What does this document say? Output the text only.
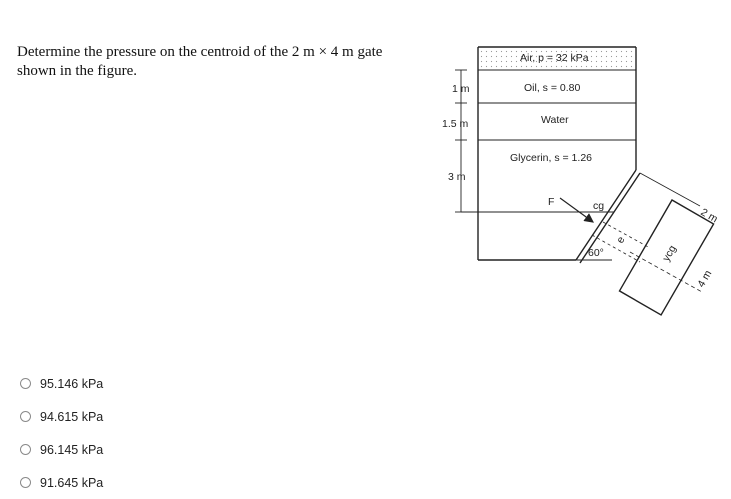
Determine the pressure on the centroid of the 2 m × 4 m gate
shown in the figure.
Air, p = 32 kPa
Oil, s = 0.80
Water
Glycerin, s = 1.26
1 m
1.5 m
3 m
60°
F	cg
e
ycg
2 m
4 m
95.146 kPa
94.615 kPa
96.145 kPa
91.645 kPa
